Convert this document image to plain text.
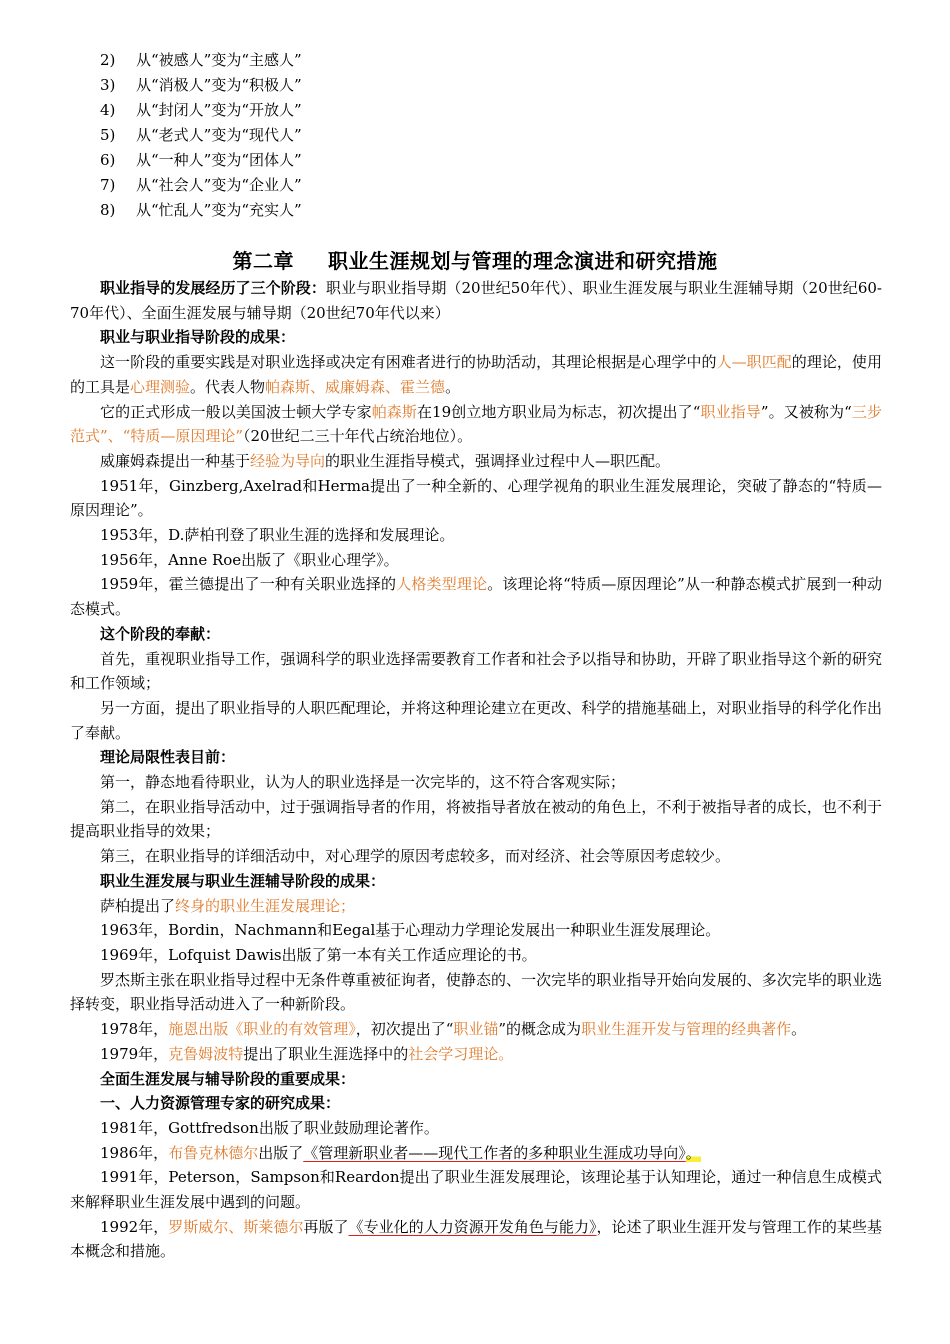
2) 从“被感人”变为“主感人”
3) 从“消极人”变为“积极人”
4) 从“封闭人”变为“开放人”
5) 从“老式人”变为“现代人”
6) 从“一种人”变为“团体人”
7) 从“社会人”变为“企业人”
8) 从“忙乱人”变为“充实人”
第二章 职业生涯规划与管理的理念演进和研究措施

职业指导的发展经历了三个阶段：职业与职业指导期（20世纪50年代）、职业生涯发展与职业生涯辅导期（20世纪60-70年代）、全面生涯发展与辅导期（20世纪70年代以来）

职业与职业指导阶段的成果：

这一阶段的重要实践是对职业选择或决定有困难者进行的协助活动，其理论根据是心理学中的人—职匹配的理论，使用的工具是心理测验。代表人物帕森斯、威廉姆森、霍兰德。

它的正式形成一般以美国波士顿大学专家帕森斯在19创立地方职业局为标志，初次提出了“职业指导”。又被称为“三步范式”、“特质—原因理论”（20世纪二三十年代占统治地位）。

威廉姆森提出一种基于经验为导向的职业生涯指导模式，强调择业过程中人—职匹配。

1951年，Ginzberg,Axelrad和Herma提出了一种全新的、心理学视角的职业生涯发展理论，突破了静态的“特质—原因理论”。

1953年，D.萨柏刊登了职业生涯的选择和发展理论。

1956年，Anne Roe出版了《职业心理学》。

1959年，霍兰德提出了一种有关职业选择的人格类型理论。该理论将“特质—原因理论”从一种静态模式扩展到一种动态模式。

这个阶段的奉献：

首先，重视职业指导工作，强调科学的职业选择需要教育工作者和社会予以指导和协助，开辟了职业指导这个新的研究和工作领域；

另一方面，提出了职业指导的人职匹配理论，并将这种理论建立在更改、科学的措施基础上，对职业指导的科学化作出了奉献。

理论局限性表目前：

第一，静态地看待职业，认为人的职业选择是一次完毕的，这不符合客观实际；

第二，在职业指导活动中，过于强调指导者的作用，将被指导者放在被动的角色上，不利于被指导者的成长，也不利于提高职业指导的效果；

第三，在职业指导的详细活动中，对心理学的原因考虑较多，而对经济、社会等原因考虑较少。

职业生涯发展与职业生涯辅导阶段的成果：

萨柏提出了终身的职业生涯发展理论；

1963年，Bordin，Nachmann和Eegal基于心理动力学理论发展出一种职业生涯发展理论。

1969年，Lofquist Dawis出版了第一本有关工作适应理论的书。

罗杰斯主张在职业指导过程中无条件尊重被征询者，使静态的、一次完毕的职业指导开始向发展的、多次完毕的职业选择转变，职业指导活动进入了一种新阶段。

1978年，施恩出版《职业的有效管理》，初次提出了“职业锚”的概念成为职业生涯开发与管理的经典著作。

1979年，克鲁姆波特提出了职业生涯选择中的社会学习理论。

全面生涯发展与辅导阶段的重要成果：

一、人力资源管理专家的研究成果：

1981年，Gottfredson出版了职业鼓励理论著作。

1986年，布鲁克林德尔出版了《管理新职业者——现代工作者的多种职业生涯成功导向》。

1991年，Peterson，Sampson和Reardon提出了职业生涯发展理论，该理论基于认知理论，通过一种信息生成模式来解释职业生涯发展中遇到的问题。

1992年，罗斯威尔、斯莱德尔再版了《专业化的人力资源开发角色与能力》，论述了职业生涯开发与管理工作的某些基本概念和措施。
